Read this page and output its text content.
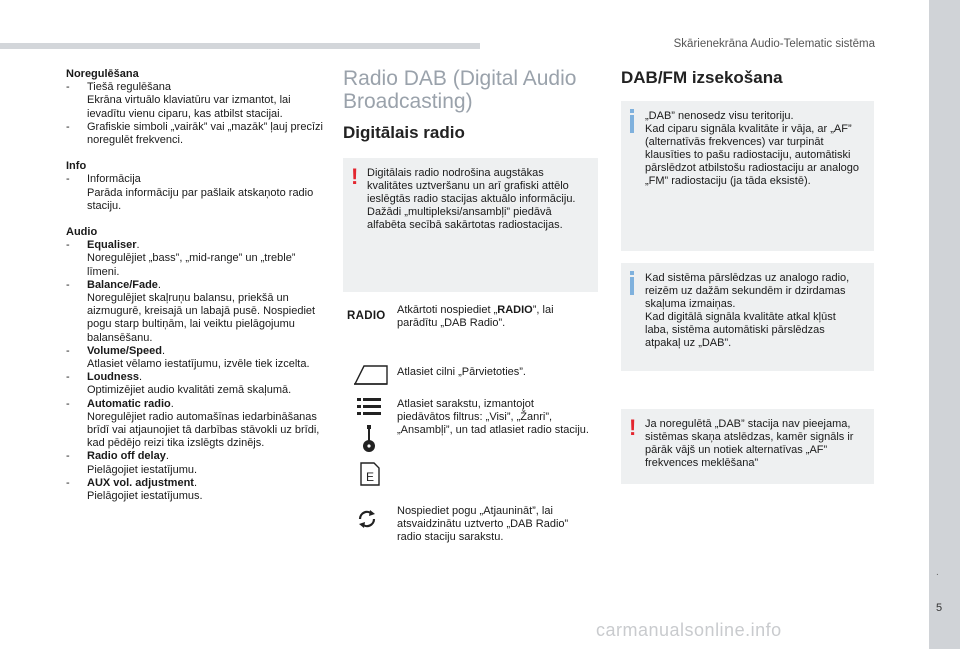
Skārienekrāna Audio-Telematic sistēma
.
5
carmanualsonline.info
Noregulēšana
- Tiešā regulēšana
Ekrāna virtuālo klaviatūru var izmantot, lai ievadītu vienu ciparu, kas atbilst stacijai.
- Grafiskie simboli „vairāk” vai „mazāk” ļauj precīzi noregulēt frekvenci.
Info
- Informācija
Parāda informāciju par pašlaik atskaņoto radio staciju.
Audio
- Equaliser.
Noregulējiet „bass”, „mid-range” un „treble” līmeni.
- Balance/Fade.
Noregulējiet skaļruņu balansu, priekšā un aizmugurē, kreisajā un labajā pusē. Nospiediet pogu starp bultiņām, lai veiktu pielāgojumu balansēšanu.
- Volume/Speed.
Atlasiet vēlamo iestatījumu, izvēle tiek izcelta.
- Loudness.
Optimizējiet audio kvalitāti zemā skaļumā.
- Automatic radio.
Noregulējiet radio automašīnas iedarbināšanas brīdī vai atjaunojiet tā darbības stāvokli uz brīdi, kad pēdējo reizi tika izslēgts dzinējs.
- Radio off delay.
Pielāgojiet iestatījumu.
- AUX vol. adjustment.
Pielāgojiet iestatījumus.
Radio DAB (Digital Audio Broadcasting)
Digitālais radio
! Digitālais radio nodrošina augstākas kvalitātes uztveršanu un arī grafiski attēlo ieslēgtās radio stacijas aktuālo informāciju.
Dažādi „multipleksi/ansambļi” piedāvā alfabēta secībā sakārtotas radiostacijas.
RADIO Atkārtoti nospiediet „RADIO”, lai parādītu „DAB Radio”.
Atlasiet cilni „Pārvietoties”.
E
Atlasiet sarakstu, izmantojot piedāvātos filtrus: „Visi”, „Žanri”, „Ansambļi”, un tad atlasiet radio staciju.
Nospiediet pogu „Atjaunināt”, lai atsvaidzinātu uztverto „DAB Radio” radio staciju sarakstu.
DAB/FM izsekošana
„DAB” nenosedz visu teritoriju.
Kad ciparu signāla kvalitāte ir vāja, ar „AF” (alternatīvās frekvences) var turpināt klausīties to pašu radiostaciju, automātiski pārslēdzot atbilstošu radiostaciju ar analogo „FM” radiostaciju (ja tāda eksistē).
Kad sistēma pārslēdzas uz analogo radio, reizēm uz dažām sekundēm ir dzirdamas skaļuma izmaiņas.
Kad digitālā signāla kvalitāte atkal kļūst laba, sistēma automātiski pārslēdzas atpakaļ uz „DAB”.
! Ja noregulētā „DAB” stacija nav pieejama, sistēmas skaņa atslēdzas, kamēr signāls ir pārāk vājš un notiek alternatīvas „AF” frekvences meklēšana”
